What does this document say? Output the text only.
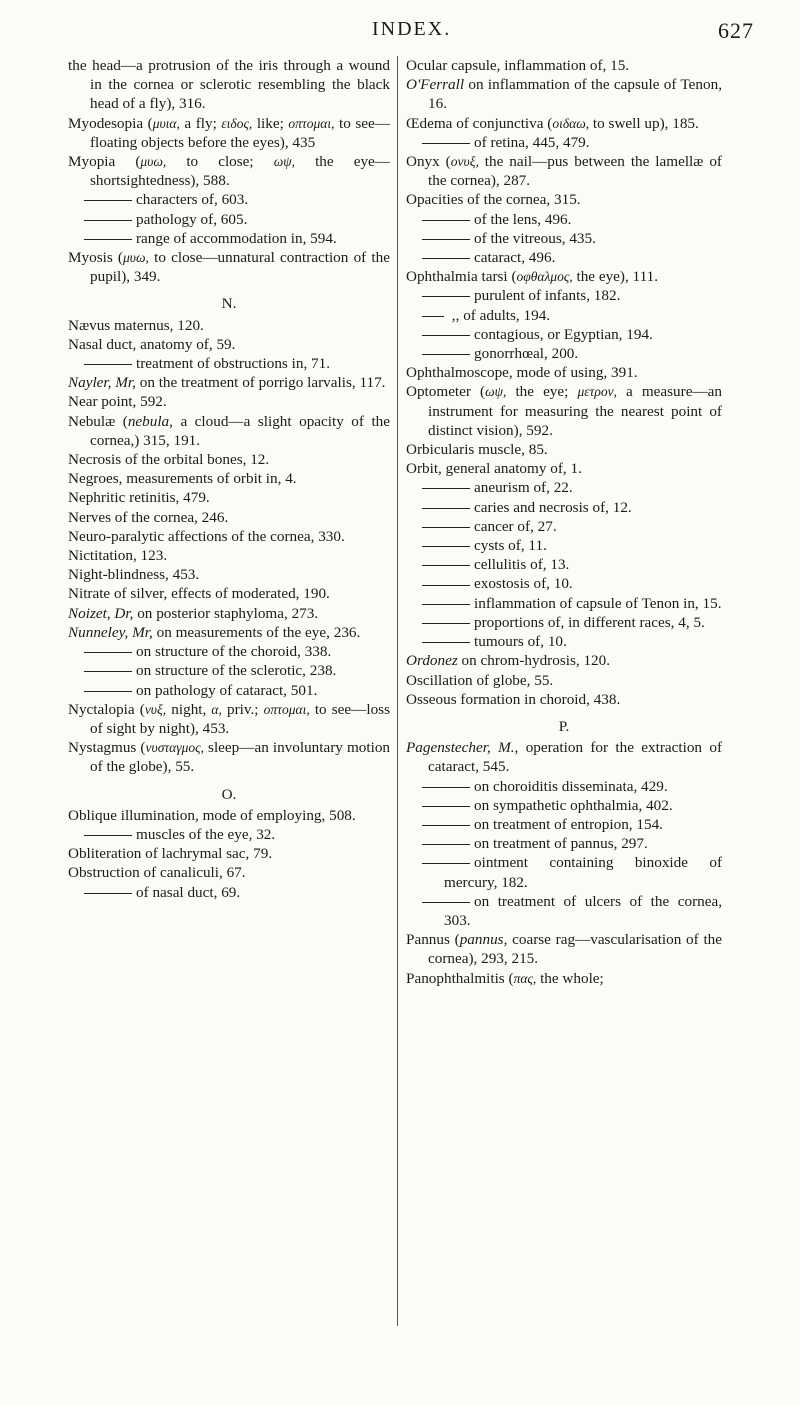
INDEX.	627
the head—a protrusion of the iris through a wound in the cornea or sclerotic resembling the black head of a fly), 316.
Myodesopia (μυια, a fly; ειδος, like; οπτομαι, to see—floating objects before the eyes), 435
Myopia (μυω, to close; ωψ, the eye—shortsightedness), 588.
characters of, 603.
pathology of, 605.
range of accommodation in, 594.
Myosis (μυω, to close—unnatural contraction of the pupil), 349.
N.
Nævus maternus, 120.
Nasal duct, anatomy of, 59.
treatment of obstructions in, 71.
Nayler, Mr, on the treatment of porrigo larvalis, 117.
Near point, 592.
Nebulæ (nebula, a cloud—a slight opacity of the cornea,) 315, 191.
Necrosis of the orbital bones, 12.
Negroes, measurements of orbit in, 4.
Nephritic retinitis, 479.
Nerves of the cornea, 246.
Neuro-paralytic affections of the cornea, 330.
Nictitation, 123.
Night-blindness, 453.
Nitrate of silver, effects of moderated, 190.
Noizet, Dr, on posterior staphyloma, 273.
Nunneley, Mr, on measurements of the eye, 236.
on structure of the choroid, 338.
on structure of the sclerotic, 238.
on pathology of cataract, 501.
Nyctalopia (νυξ, night, α, priv.; οπτομαι, to see—loss of sight by night), 453.
Nystagmus (νυσταγμος, sleep—an involuntary motion of the globe), 55.
O.
Oblique illumination, mode of employing, 508.
muscles of the eye, 32.
Obliteration of lachrymal sac, 79.
Obstruction of canaliculi, 67.
of nasal duct, 69.
Ocular capsule, inflammation of, 15.
O'Ferrall on inflammation of the capsule of Tenon, 16.
Œdema of conjunctiva (οιδαω, to swell up), 185.
of retina, 445, 479.
Onyx (ονυξ, the nail—pus between the lamellæ of the cornea), 287.
Opacities of the cornea, 315.
of the lens, 496.
of the vitreous, 435.
cataract, 496.
Ophthalmia tarsi (οφθαλμος, the eye), 111.
purulent of infants, 182.
,, of adults, 194.
contagious, or Egyptian, 194.
gonorrhœal, 200.
Ophthalmoscope, mode of using, 391.
Optometer (ωψ, the eye; μετρον, a measure—an instrument for measuring the nearest point of distinct vision), 592.
Orbicularis muscle, 85.
Orbit, general anatomy of, 1.
aneurism of, 22.
caries and necrosis of, 12.
cancer of, 27.
cysts of, 11.
cellulitis of, 13.
exostosis of, 10.
inflammation of capsule of Tenon in, 15.
proportions of, in different races, 4, 5.
tumours of, 10.
Ordonez on chrom-hydrosis, 120.
Oscillation of globe, 55.
Osseous formation in choroid, 438.
P.
Pagenstecher, M., operation for the extraction of cataract, 545.
on choroiditis disseminata, 429.
on sympathetic ophthalmia, 402.
on treatment of entropion, 154.
on treatment of pannus, 297.
ointment containing binoxide of mercury, 182.
on treatment of ulcers of the cornea, 303.
Pannus (pannus, coarse rag—vascularisation of the cornea), 293, 215.
Panophthalmitis (πας, the whole;
